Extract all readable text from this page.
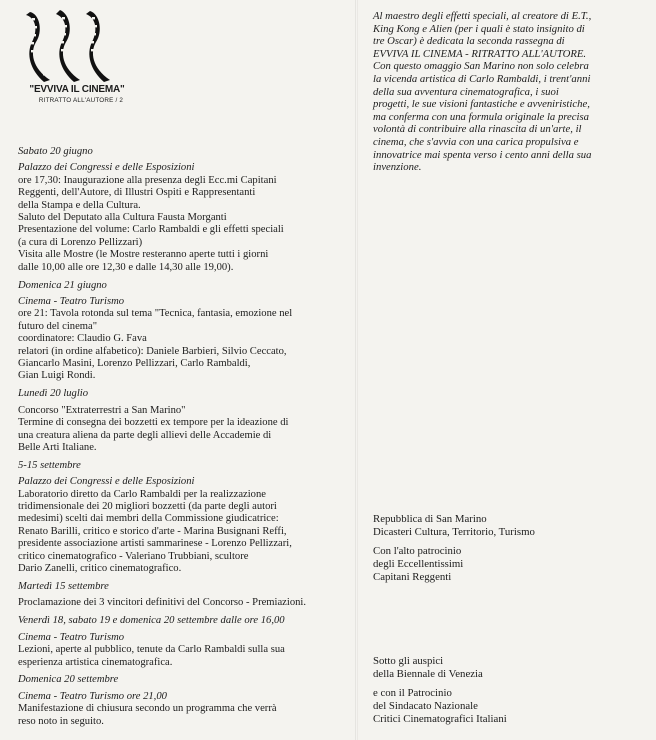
"EVVIVA IL CINEMA"
RITRATTO ALL'AUTORE / 2

Sabato 20 giugno

Palazzo dei Congressi e delle Esposizioni

ore 17,30: Inaugurazione alla presenza degli Ecc.mi Capitani

Reggenti, dell'Autore, di Illustri Ospiti e Rappresentanti

della Stampa e della Cultura.

Saluto del Deputato alla Cultura Fausta Morganti

Presentazione del volume: Carlo Rambaldi e gli effetti speciali

(a cura di Lorenzo Pellizzari)

Visita alle Mostre (le Mostre resteranno aperte tutti i giorni

dalle 10,00 alle ore 12,30 e dalle 14,30 alle 19,00).

Domenica 21 giugno

Cinema - Teatro Turismo

ore 21: Tavola rotonda sul tema "Tecnica, fantasia, emozione nel

futuro del cinema"

coordinatore: Claudio G. Fava

relatori (in ordine alfabetico): Daniele Barbieri, Silvio Ceccato,

Giancarlo Masini, Lorenzo Pellizzari, Carlo Rambaldi,

Gian Luigi Rondi.

Lunedì 20 luglio

Concorso "Extraterrestri a San Marino"

Termine di consegna dei bozzetti ex tempore per la ideazione di

una creatura aliena da parte degli allievi delle Accademie di

Belle Arti Italiane.

5-15 settembre

Palazzo dei Congressi e delle Esposizioni

Laboratorio diretto da Carlo Rambaldi per la realizzazione

tridimensionale dei 20 migliori bozzetti (da parte degli autori

medesimi) scelti dai membri della Commissione giudicatrice:

Renato Barilli, critico e storico d'arte - Marina Busignani Reffi,

presidente associazione artisti sammarinese - Lorenzo Pellizzari,

critico cinematografico - Valeriano Trubbiani, scultore

Dario Zanelli, critico cinematografico.

Martedì 15 settembre

Proclamazione dei 3 vincitori definitivi del Concorso - Premiazioni.

Venerdì 18, sabato 19 e domenica 20 settembre dalle ore 16,00

Cinema - Teatro Turismo

Lezioni, aperte al pubblico, tenute da Carlo Rambaldi sulla sua

esperienza artistica cinematografica.

Domenica 20 settembre

Cinema - Teatro Turismo ore 21,00

Manifestazione di chiusura secondo un programma che verrà

reso noto in seguito.

Al maestro degli effetti speciali, al creatore di E.T.,
King Kong e Alien (per i quali è stato insignito di
tre Oscar) è dedicata la seconda rassegna di
EVVIVA IL CINEMA - RITRATTO ALL'AUTORE.
Con questo omaggio San Marino non solo celebra
la vicenda artistica di Carlo Rambaldi, i trent'anni
della sua avventura cinematografica, i suoi
progetti, le sue visioni fantastiche e avveniristiche,
ma conferma con una formula originale la precisa
volontà di contribuire alla rinascita di un'arte, il
cinema, che s'avvia con una carica propulsiva e
innovatrice mai spenta verso i cento anni della sua
invenzione.

Repubblica di San Marino

Dicasteri Cultura, Territorio, Turismo

Con l'alto patrocinio

degli Eccellentissimi

Capitani Reggenti

Sotto gli auspici

della Biennale di Venezia

e con il Patrocinio

del Sindacato Nazionale

Critici Cinematografici Italiani
